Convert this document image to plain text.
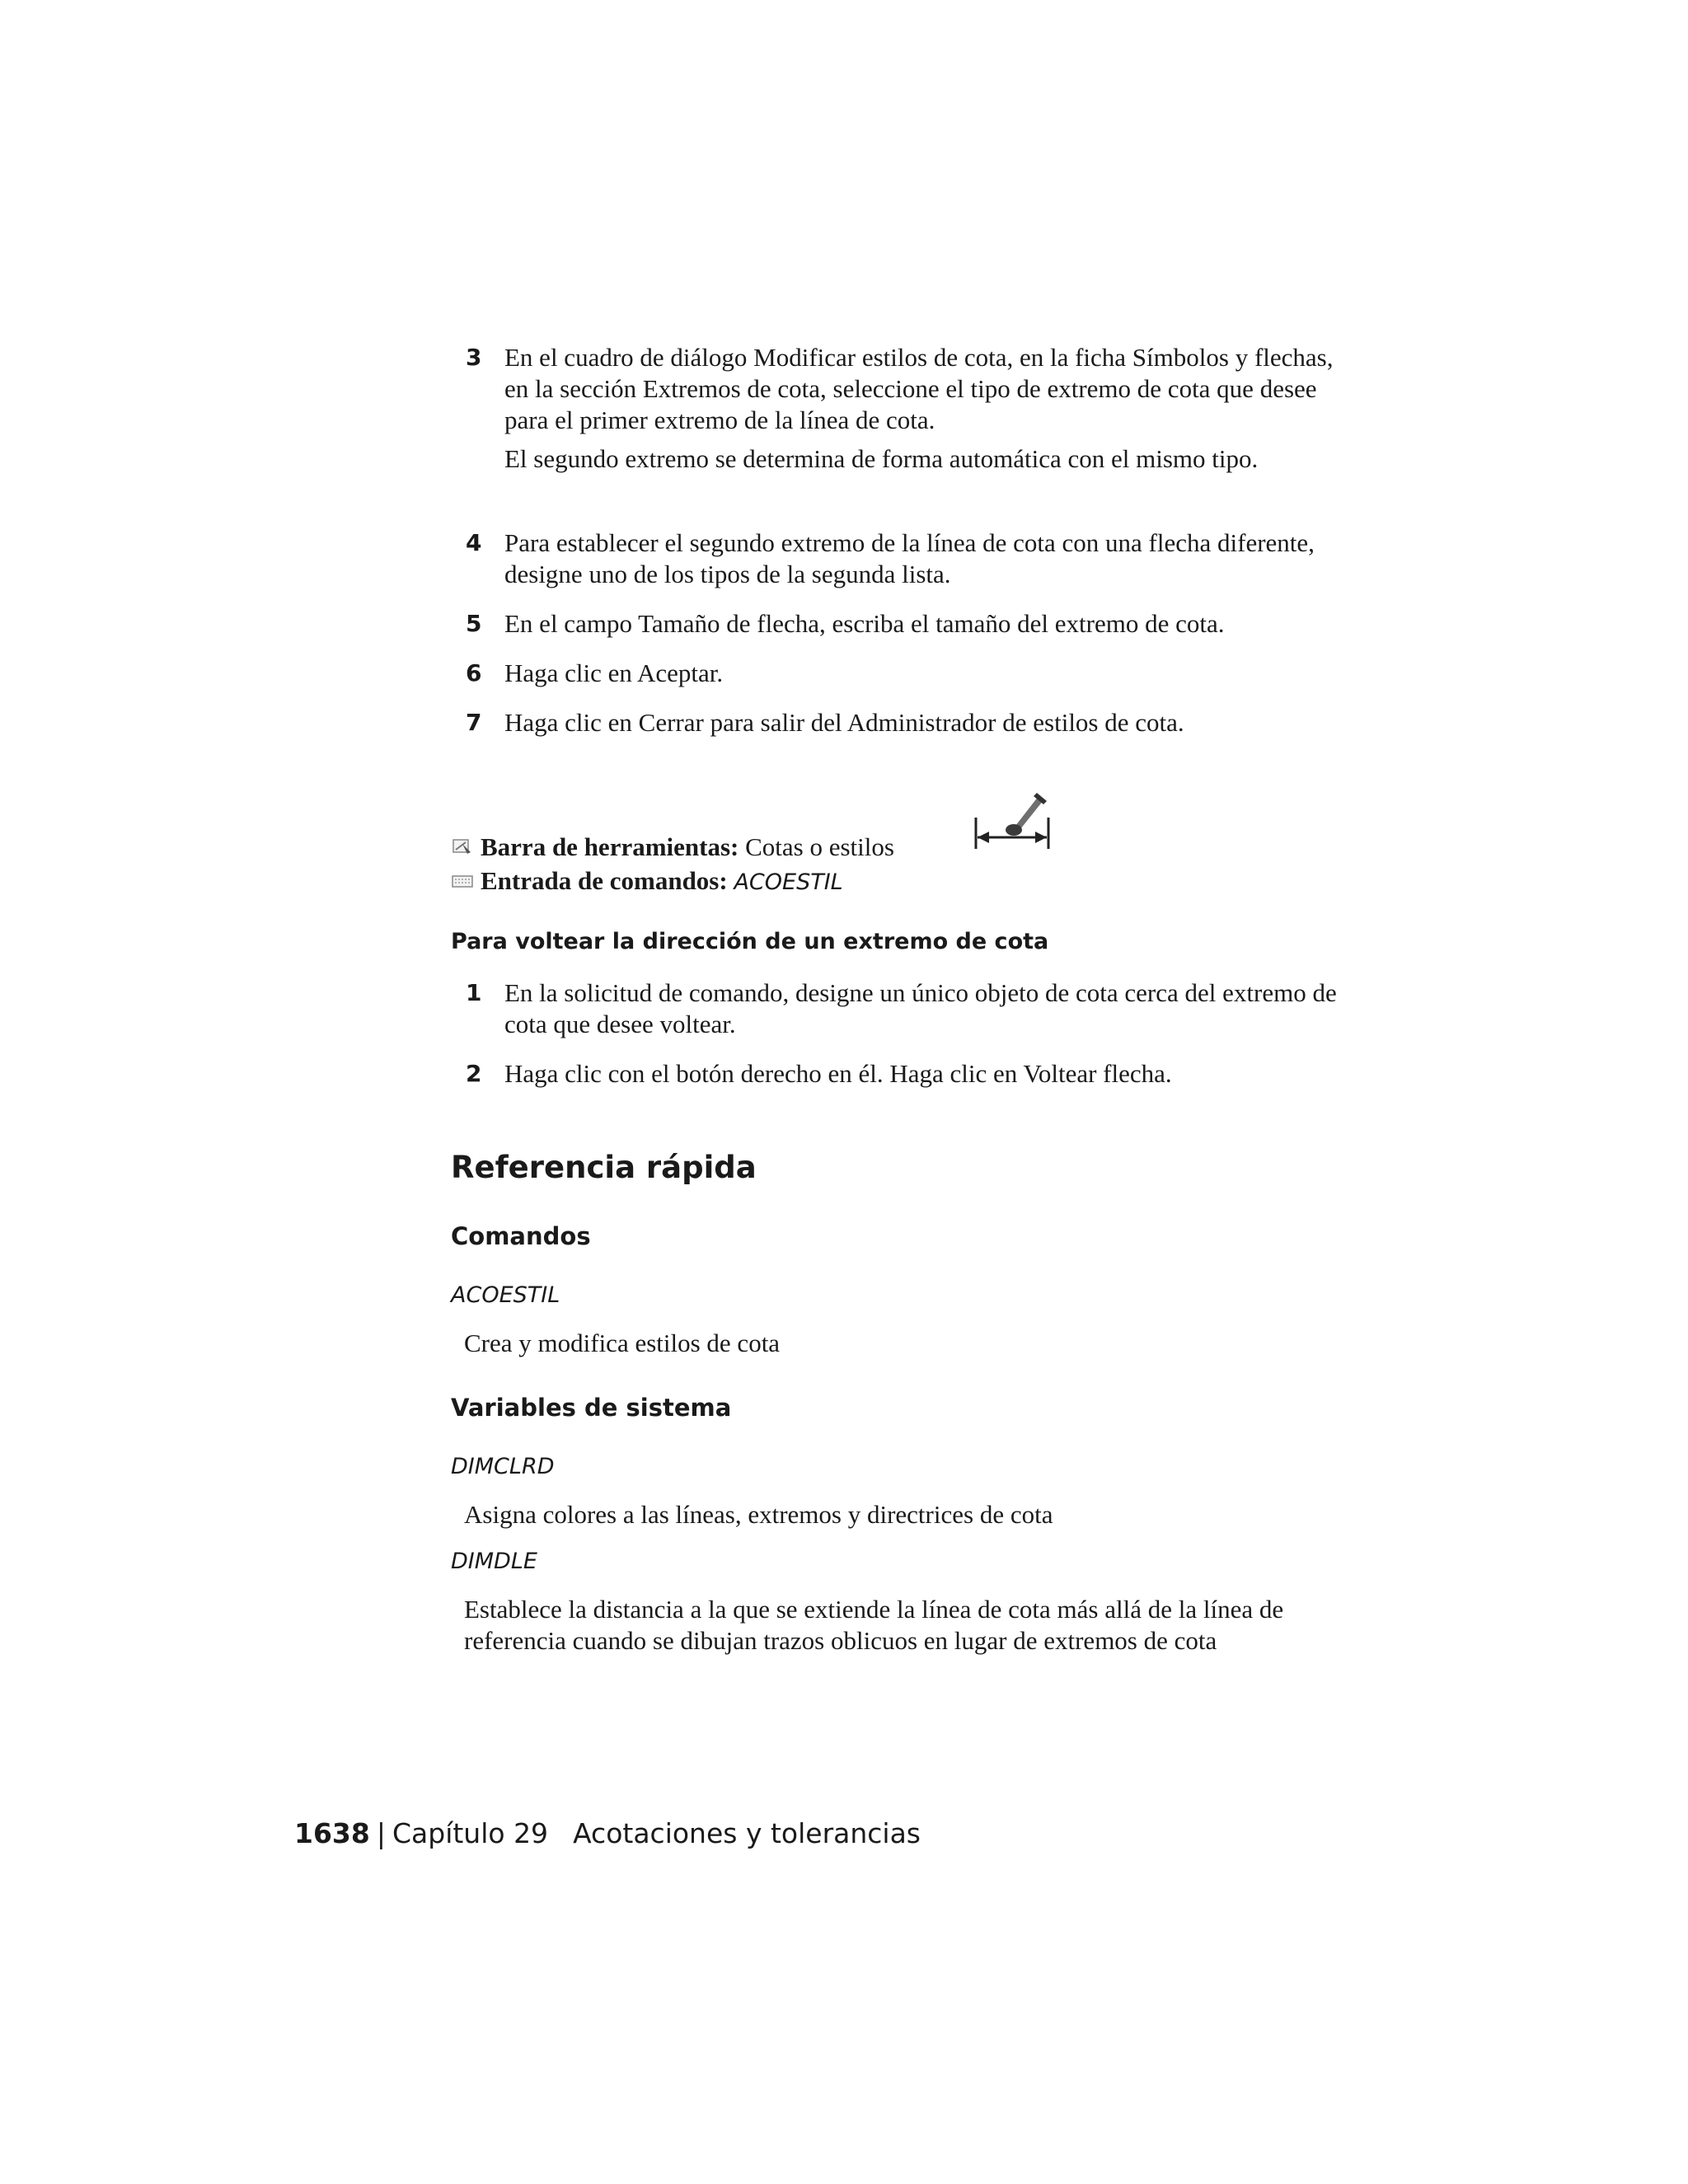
3 En el cuadro de diálogo Modificar estilos de cota, en la ficha Símbolos y flechas, en la sección Extremos de cota, seleccione el tipo de extremo de cota que desee para el primer extremo de la línea de cota.
El segundo extremo se determina de forma automática con el mismo tipo.
4 Para establecer el segundo extremo de la línea de cota con una flecha diferente, designe uno de los tipos de la segunda lista.
5 En el campo Tamaño de flecha, escriba el tamaño del extremo de cota.
6 Haga clic en Aceptar.
7 Haga clic en Cerrar para salir del Administrador de estilos de cota.
Barra de herramientas: Cotas o estilos
Entrada de comandos: ACOESTIL
Para voltear la dirección de un extremo de cota
1 En la solicitud de comando, designe un único objeto de cota cerca del extremo de cota que desee voltear.
2 Haga clic con el botón derecho en él. Haga clic en Voltear flecha.
Referencia rápida
Comandos
ACOESTIL
Crea y modifica estilos de cota
Variables de sistema
DIMCLRD
Asigna colores a las líneas, extremos y directrices de cota
DIMDLE
Establece la distancia a la que se extiende la línea de cota más allá de la línea de referencia cuando se dibujan trazos oblicuos en lugar de extremos de cota
1638 | Capítulo 29 Acotaciones y tolerancias
